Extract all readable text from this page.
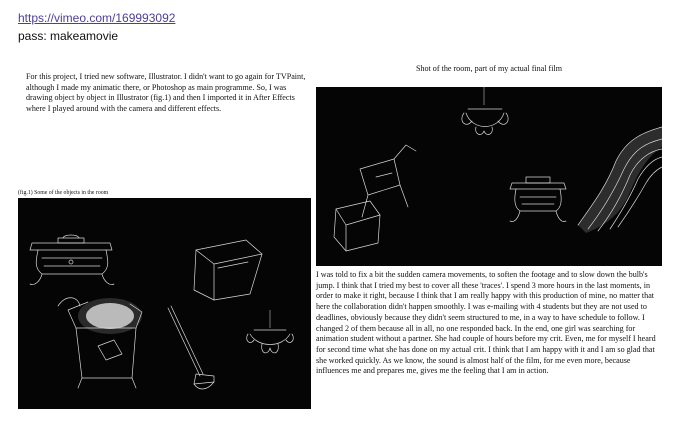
https://vimeo.com/169993092
pass: makeamovie
For this project, I tried new software, Illustrator. I didn't want to go again for TVPaint, although I made my animatic there, or Photoshop as main programme. So, I was drawing object by object in Illustrator (fig.1) and then I imported it in After Effects where I played around with the camera and different effects.
(fig.1) Some of the objects in the room
Shot of the room, part of my actual final film
I was told to fix a bit the sudden camera movements, to soften the footage and to slow down the bulb's jump. I think that I tried my best to cover all these 'traces'. I spend 3 more hours in the last moments, in order to make it right, because I think that I am really happy with this production of mine, no matter that here the collaboration didn't happen smoothly. I was e-mailing with 4 students but they are not used to deadlines, obviously because they didn't seem structured to me, in a way to have schedule to follow. I changed 2 of them because all in all, no one responded back. In the end, one girl was searching for animation student without a partner. She had couple of hours before my crit. Even, me for myself I heard for second time what she has done on my actual crit. I think that I am happy with it and I am so glad that she worked quickly. As we know, the sound is almost half of the film, for me even more, because influences me and prepares me, gives me the feeling that I am in action.
